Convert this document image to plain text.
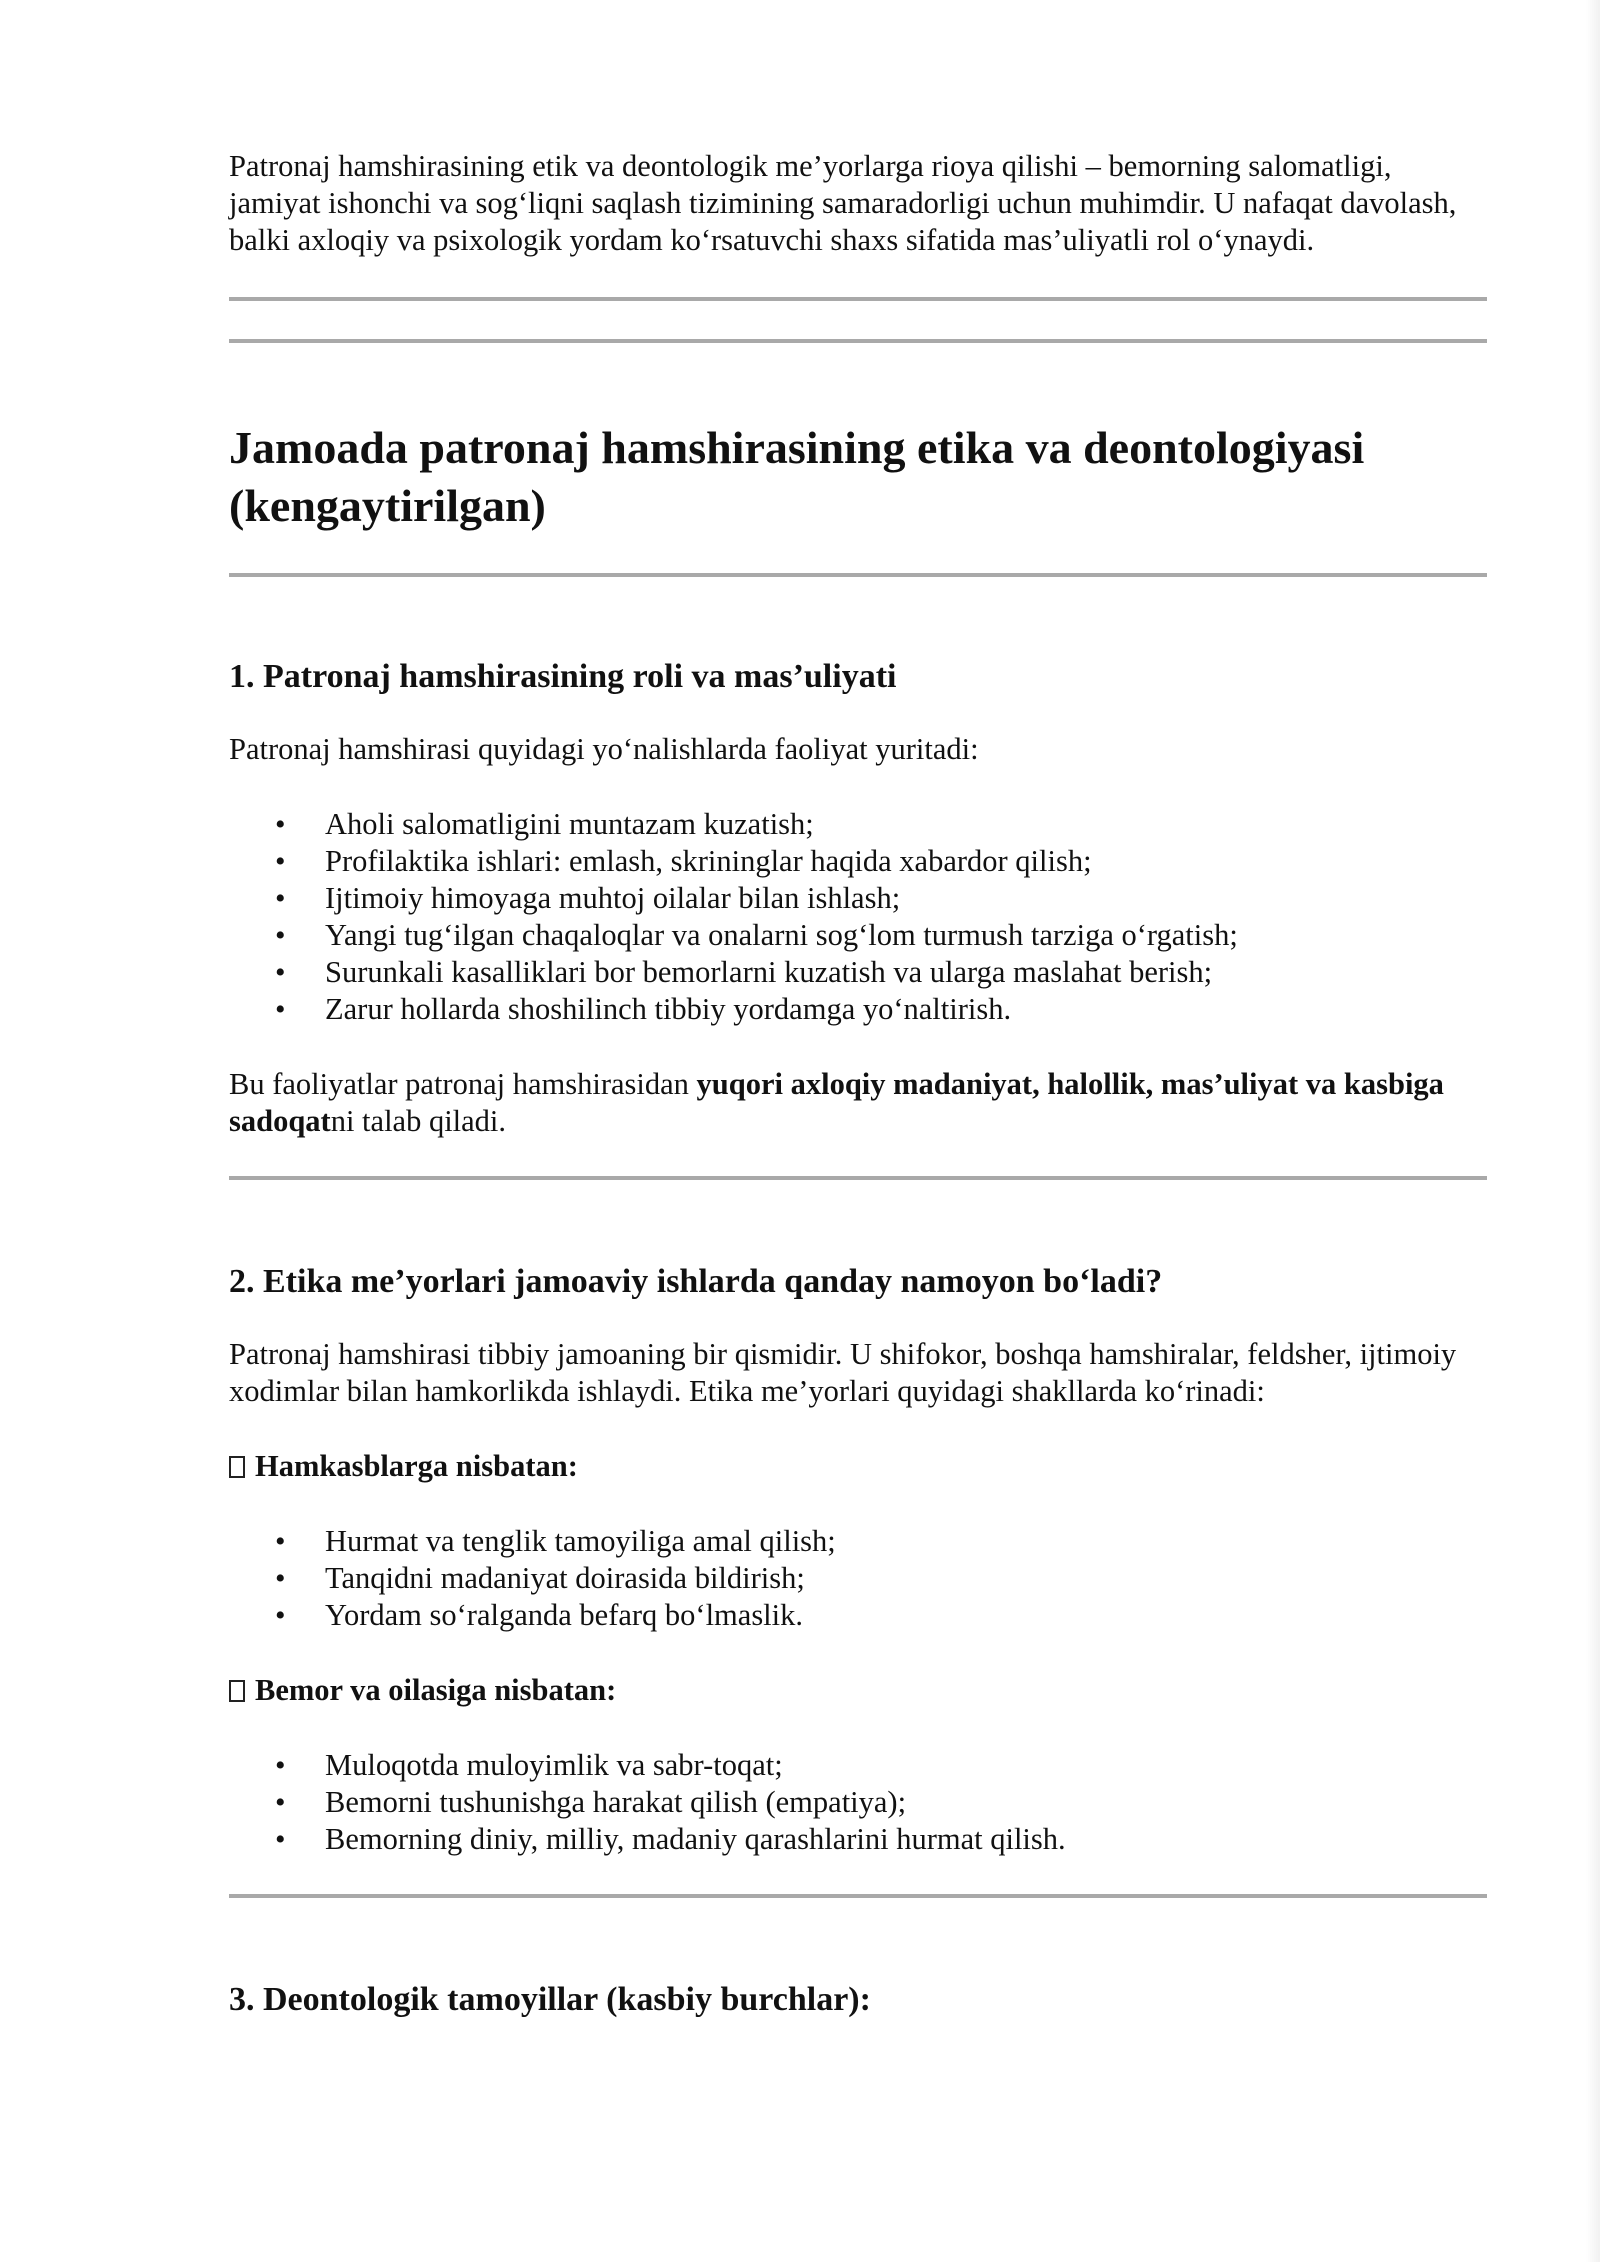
Patronaj hamshirasining etik va deontologik me’yorlarga rioya qilishi – bemorning salomatligi, jamiyat ishonchi va sog‘liqni saqlash tizimining samaradorligi uchun muhimdir. U nafaqat davolash, balki axloqiy va psixologik yordam ko‘rsatuvchi shaxs sifatida mas’uliyatli rol o‘ynaydi.

Jamoada patronaj hamshirasining etika va deontologiyasi (kengaytirilgan)
1. Patronaj hamshirasining roli va mas’uliyati

Patronaj hamshirasi quyidagi yo‘nalishlarda faoliyat yuritadi:

• Aholi salomatligini muntazam kuzatish;
• Profilaktika ishlari: emlash, skrininglar haqida xabardor qilish;
• Ijtimoiy himoyaga muhtoj oilalar bilan ishlash;
• Yangi tug‘ilgan chaqaloqlar va onalarni sog‘lom turmush tarziga o‘rgatish;
• Surunkali kasalliklari bor bemorlarni kuzatish va ularga maslahat berish;
• Zarur hollarda shoshilinch tibbiy yordamga yo‘naltirish.

Bu faoliyatlar patronaj hamshirasidan yuqori axloqiy madaniyat, halollik, mas’uliyat va kasbiga sadoqatni talab qiladi.

2. Etika me’yorlari jamoaviy ishlarda qanday namoyon bo‘ladi?

Patronaj hamshirasi tibbiy jamoaning bir qismidir. U shifokor, boshqa hamshiralar, feldsher, ijtimoiy xodimlar bilan hamkorlikda ishlaydi. Etika me’yorlari quyidagi shakllarda ko‘rinadi:

Hamkasblarga nisbatan:

• Hurmat va tenglik tamoyiliga amal qilish;
• Tanqidni madaniyat doirasida bildirish;
• Yordam so‘ralganda befarq bo‘lmaslik.

Bemor va oilasiga nisbatan:

• Muloqotda muloyimlik va sabr-toqat;
• Bemorni tushunishga harakat qilish (empatiya);
• Bemorning diniy, milliy, madaniy qarashlarini hurmat qilish.
3. Deontologik tamoyillar (kasbiy burchlar):
